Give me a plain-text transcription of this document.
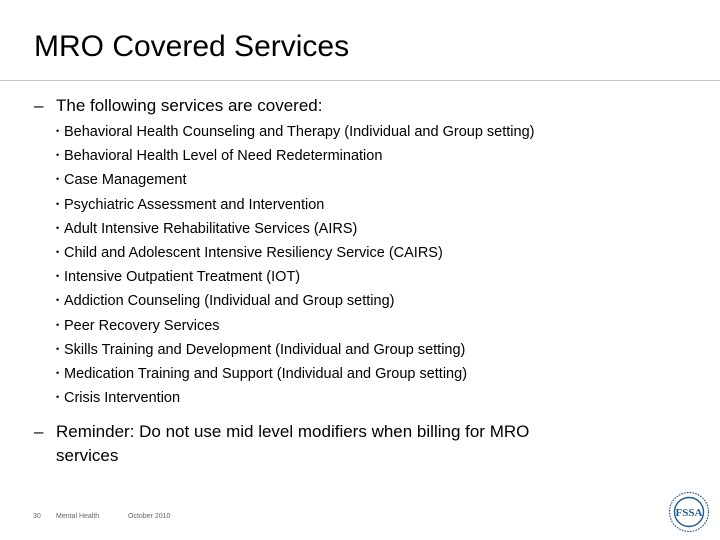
MRO Covered Services

– The following services are covered:

• Behavioral Health Counseling and Therapy (Individual and Group setting)
• Behavioral Health Level of Need Redetermination
• Case Management
• Psychiatric Assessment and Intervention
• Adult Intensive Rehabilitative Services (AIRS)
• Child and Adolescent Intensive Resiliency Service (CAIRS)
• Intensive Outpatient Treatment (IOT)
• Addiction Counseling (Individual and Group setting)
• Peer Recovery Services
• Skills Training and Development (Individual and Group setting)
• Medication Training and Support (Individual and Group setting)
• Crisis Intervention

– Reminder: Do not use mid level modifiers when billing for MRO
services

30 Mental Health	October 2010	FSSA
